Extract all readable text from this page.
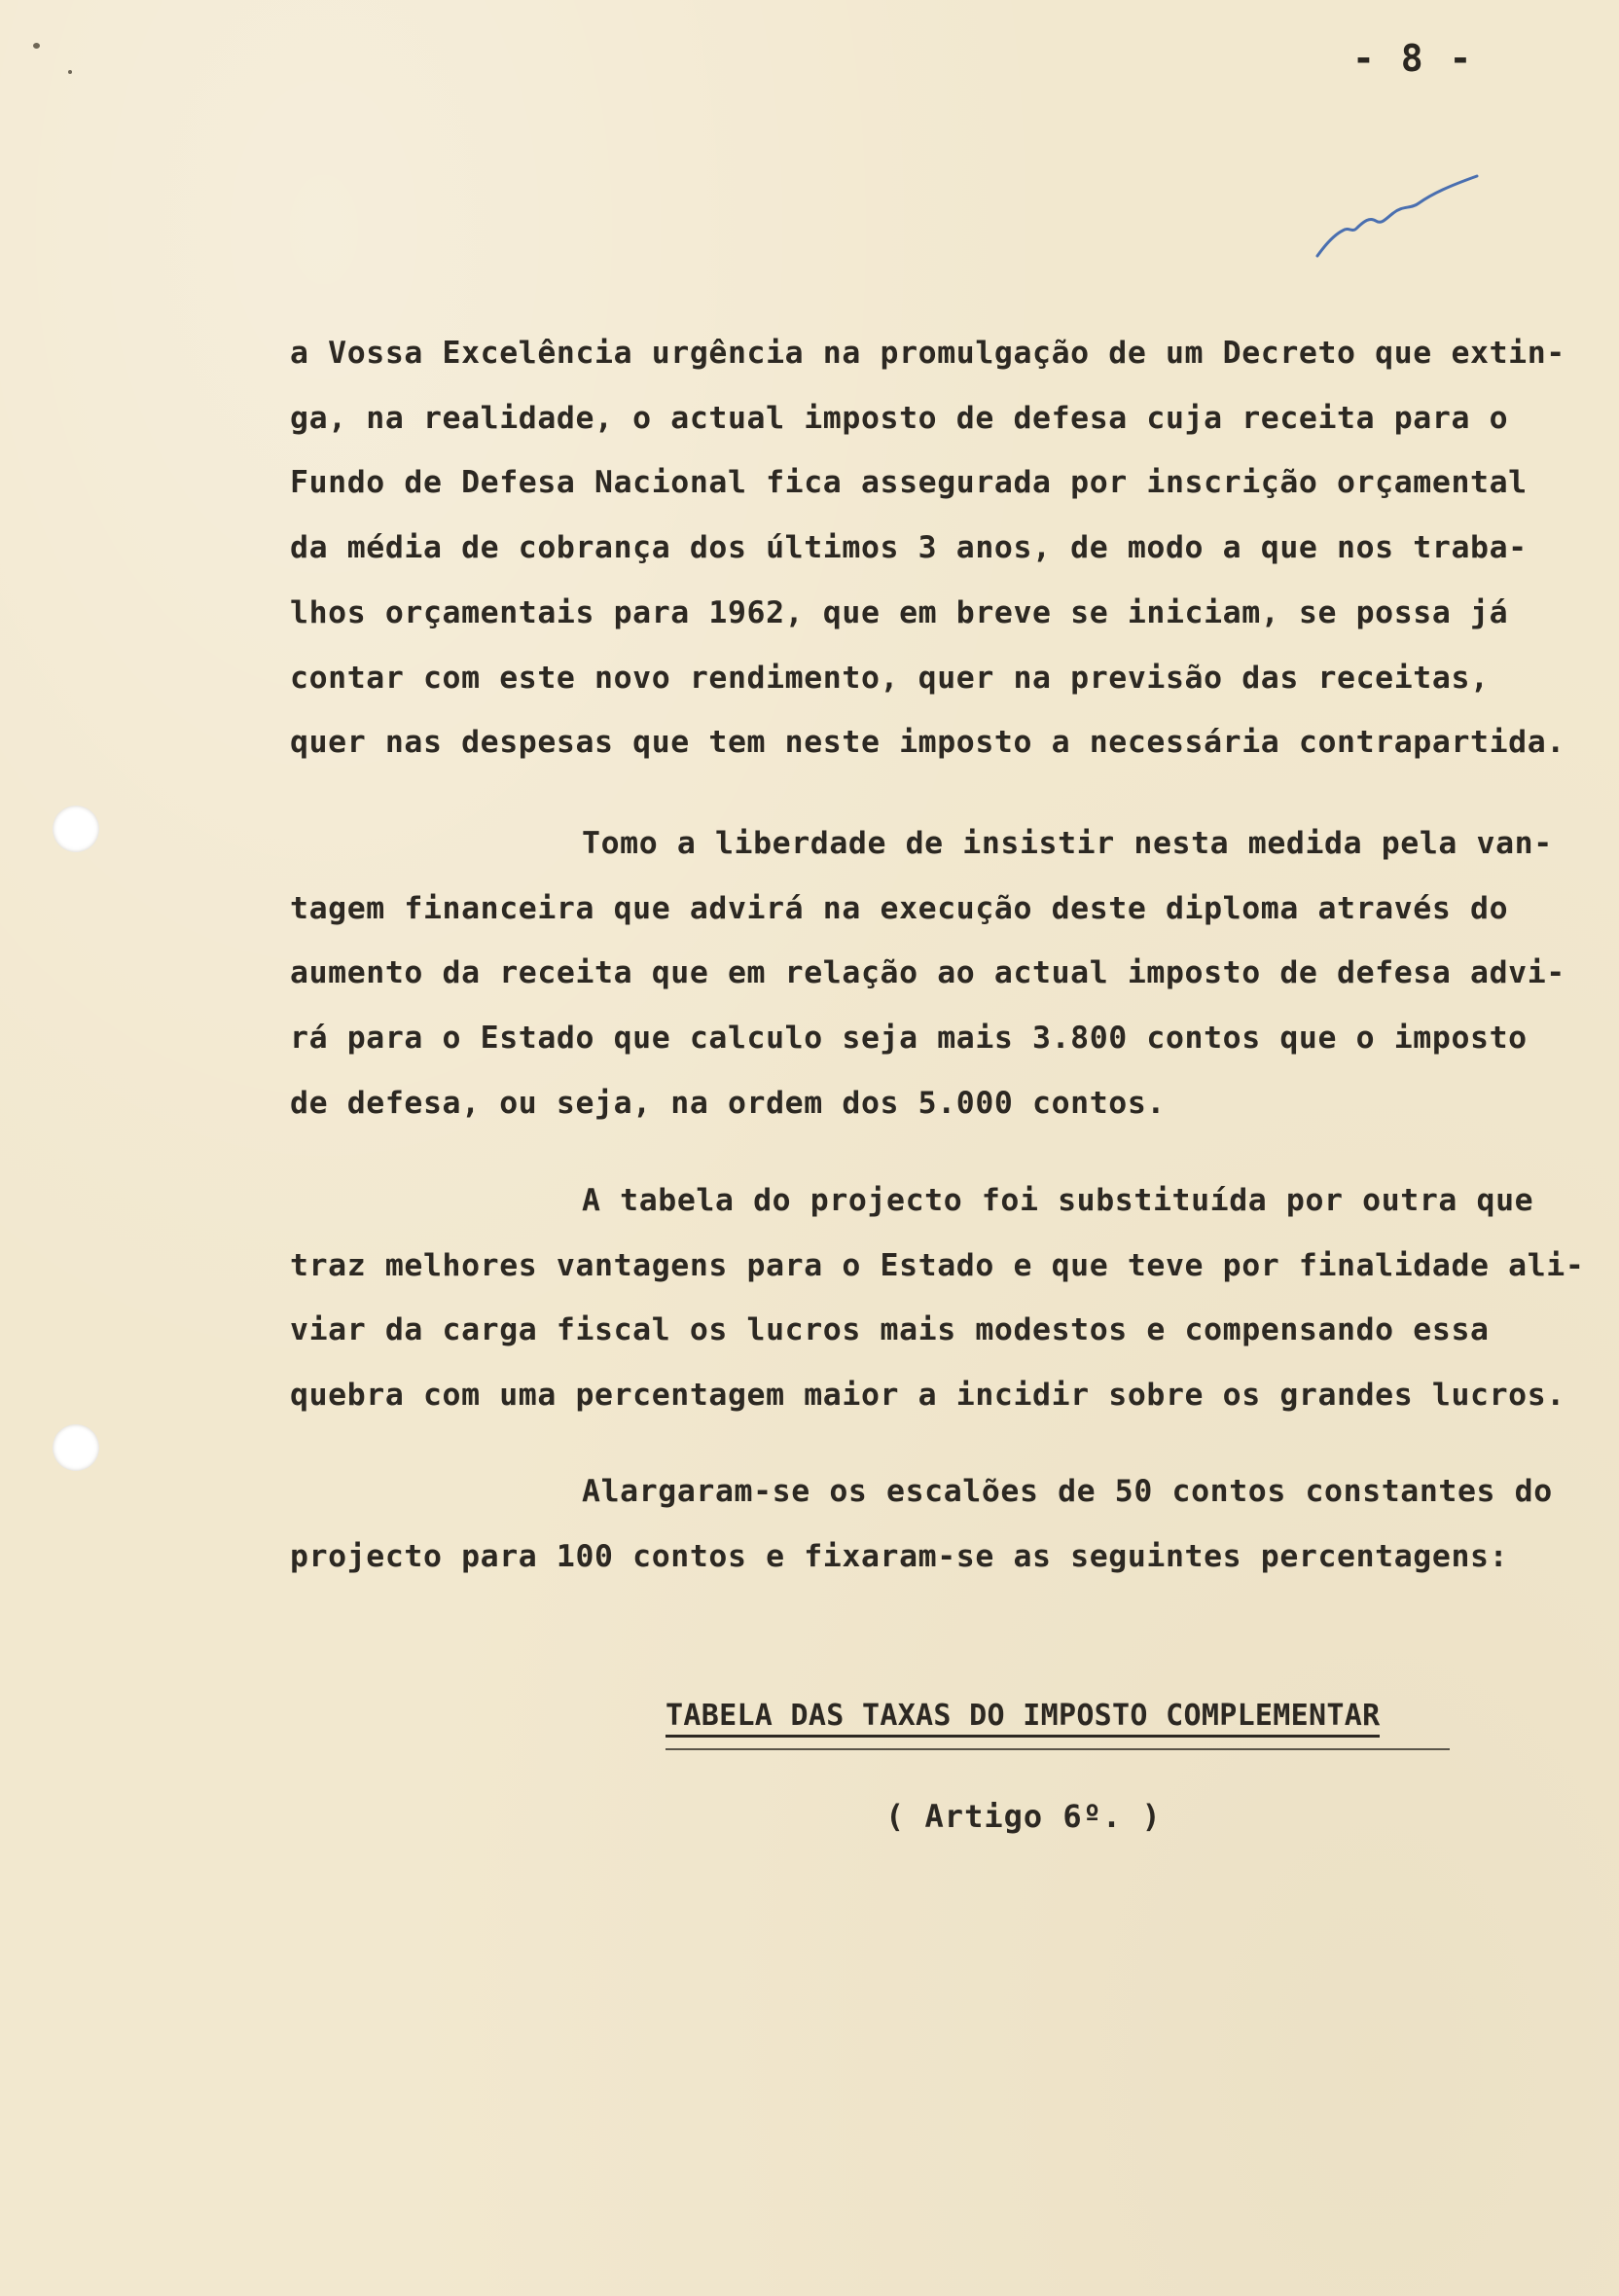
- 8 -
a Vossa Excelência urgência na promulgação de um Decreto que extin-
ga, na realidade, o actual imposto de defesa cuja receita para o
Fundo de Defesa Nacional fica assegurada por inscrição orçamental
da média de cobrança dos últimos 3 anos, de modo a que nos traba-
lhos orçamentais para 1962, que em breve se iniciam, se possa já
contar com este novo rendimento, quer na previsão das receitas,
quer nas despesas que tem neste imposto a necessária contrapartida.
Tomo a liberdade de insistir nesta medida pela van-
tagem financeira que advirá na execução deste diploma através do
aumento da receita que em relação ao actual imposto de defesa advi-
rá para o Estado que calculo seja mais 3.800 contos que o imposto
de defesa, ou seja, na ordem dos 5.000 contos.
A tabela do projecto foi substituída por outra que
traz melhores vantagens para o Estado e que teve por finalidade ali-
viar da carga fiscal os lucros mais modestos e compensando essa
quebra com uma percentagem maior a incidir sobre os grandes lucros.
Alargaram-se os escalões de 50 contos constantes do
projecto para 100 contos e fixaram-se as seguintes percentagens:
TABELA DAS TAXAS DO IMPOSTO COMPLEMENTAR
( Artigo 6º. )
